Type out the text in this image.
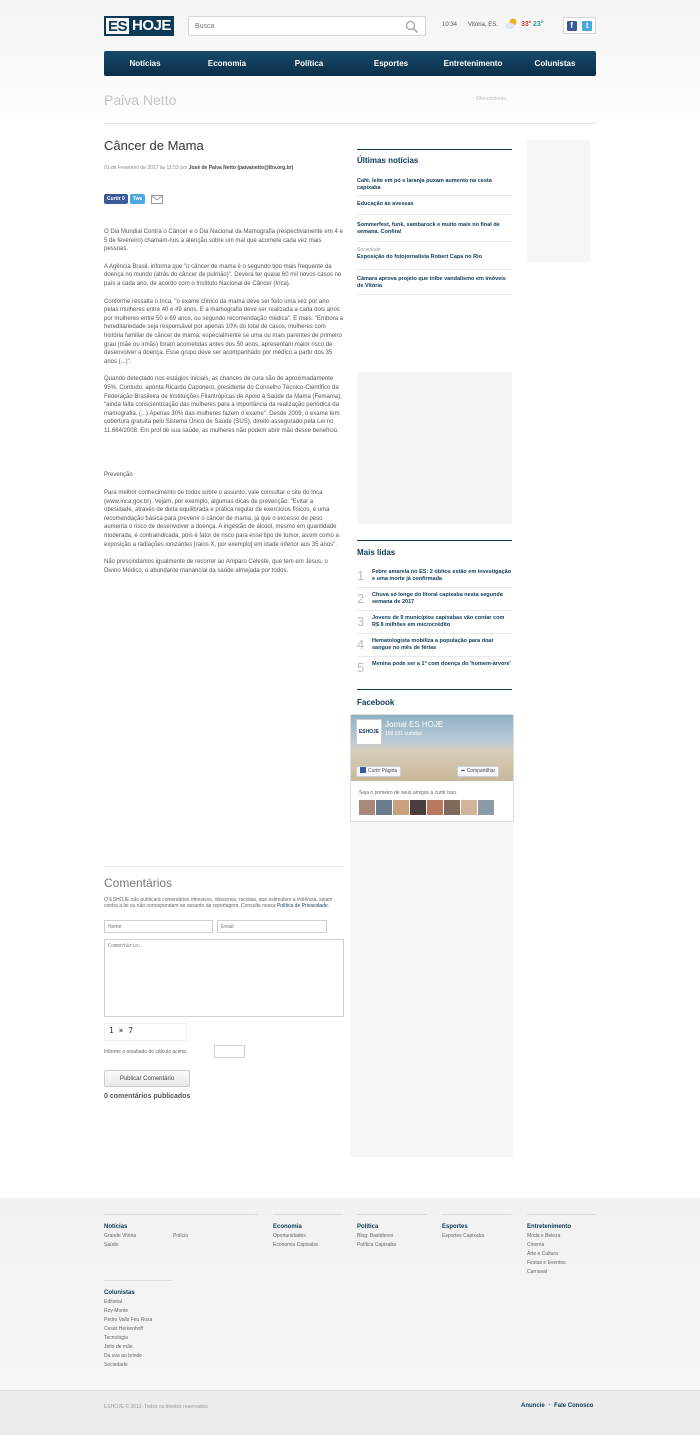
ES HOJE
Busca	10:34 Vitória, ES.	33° 23°	f	t
Notícias	Economia	Política	Esportes	Entretenimento	Colunistas
Paiva Netto	Oferecimento
Câncer de Mama
01 de Fevereiro de 2017 às 11:53 por José de Paiva Netto (paivanetto@lbv.org.br)
Curtir 0	Twe

O Dia Mundial Contra o Câncer e o Dia Nacional da Mamografia (respectivamente em 4 e 5 de fevereiro) chamam-nos a atenção sobre um mal que acomete cada vez mais pessoas.

A Agência Brasil, informa que "o câncer de mama é o segundo tipo mais frequente da doença no mundo (atrás do câncer de pulmão)". Deverá ter quase 60 mil novos casos no país a cada ano, de acordo com o Instituto Nacional de Câncer (Inca).

Conforme ressalta o Inca, "o exame clínico da mama deve ser feito uma vez por ano pelas mulheres entre 40 e 49 anos. E a mamografia deve ser realizada a cada dois anos por mulheres entre 50 e 69 anos, ou segundo recomendação médica". E mais: "Embora a hereditariedade seja responsável por apenas 10% do total de casos, mulheres com história familiar de câncer de mama, especialmente se uma ou mais parentes de primeiro grau (mãe ou irmãs) foram acometidas antes dos 50 anos, apresentam maior risco de desenvolver a doença. Esse grupo deve ser acompanhado por médico a partir dos 35 anos (...)".

Quando detectado nos estágios iniciais, as chances de cura são de aproximadamente 95%. Contudo, aponta Ricardo Caponero, presidente do Conselho Técnico-Científico da Federação Brasileira de Instituições Filantrópicas de Apoio à Saúde da Mama (Femama), "ainda falta conscientização das mulheres para a importância da realização periódica da mamografia. (...) Apenas 30% das mulheres fazem o exame". Desde 2009, o exame tem cobertura gratuita pelo Sistema Único de Saúde (SUS), direito assegurado pela Lei no 11.664/2008. Em prol de sua saúde, as mulheres não podem abrir mão desse benefício.

Prevenção

Para melhor conhecimento de todos sobre o assunto, vale consultar o site do Inca (www.inca.gov.br). Vejam, por exemplo, algumas dicas de prevenção: "Evitar a obesidade, através de dieta equilibrada e prática regular de exercícios físicos, é uma recomendação básica para prevenir o câncer de mama, já que o excesso de peso aumenta o risco de desenvolver a doença. A ingestão de álcool, mesmo em quantidade moderada, é contraindicada, pois é fator de risco para esse tipo de tumor, assim como a exposição a radiações ionizantes [raios X, por exemplo] em idade inferior aos 35 anos".

Não prescindamos igualmente de recorrer ao Amparo Celeste, que tem em Jesus, o Divino Médico, o abundante manancial da saúde almejada por todos.

Comentários
O ESHOJE não publicará comentários ofensivos, obscenos, racistas, que estimulem a violência, sejam contra a lei ou não correspondam ao assunto da reportagem. Consulte nossa Política de Privacidade.
Nome:
Email:
Comentário:
1 × 7
Informe o resultado do cálculo acima:
Publicar Comentário
0 comentários publicados
Últimas notícias
Café, leite em pó e laranja puxam aumento na cesta capixaba
Educação às avessas
Sommerfest, funk, sambarock e muito mais no final de semana. Confira!
Sociedade
Exposição do fotojornalista Robert Capa no Rio
Câmara aprova projeto que inibe vandalismo em imóveis de Vitória
Mais lidas
1	Febre amarela no ES: 2 óbitos estão em investigação e uma morte já confirmada
2	Chuva só longe do litoral capixaba nesta segunda semana de 2017
3	Jovens de 9 municípios capixabas vão contar com R$ 8 milhões em microcrédito
4	Hematologista mobiliza a população para doar sangue no mês de férias
5	Menina pode ser a 1ª com doença do 'homem-árvore'
Facebook
ESHOJE
Jornal ES HOJE
158.531 curtidas
Curtir Página	➦ Compartilhar
Seja o primeiro de seus amigos a curtir isso.
Notícias
Grande Vitória
Saúde
Polícia
Economia
Oportunidades
Economia Capixaba
Política
Blog: Bastidores
Política Capixaba
Esportes
Esportes Capixaba
Entretenimento
Moda e Beleza
Cinema
Arte e Cultura
Festas e Eventos
Carnaval
Colunistas
Editorial
Roy Monte
Pedro Valls Feu Rosa
Cesar Herkenhoff
Tecnologia
Jeito de mãe
Da uva ao brinde
Sociedade
ESHOJE © 2012. Todos os direitos reservados	Anuncie • Fale Conosco
